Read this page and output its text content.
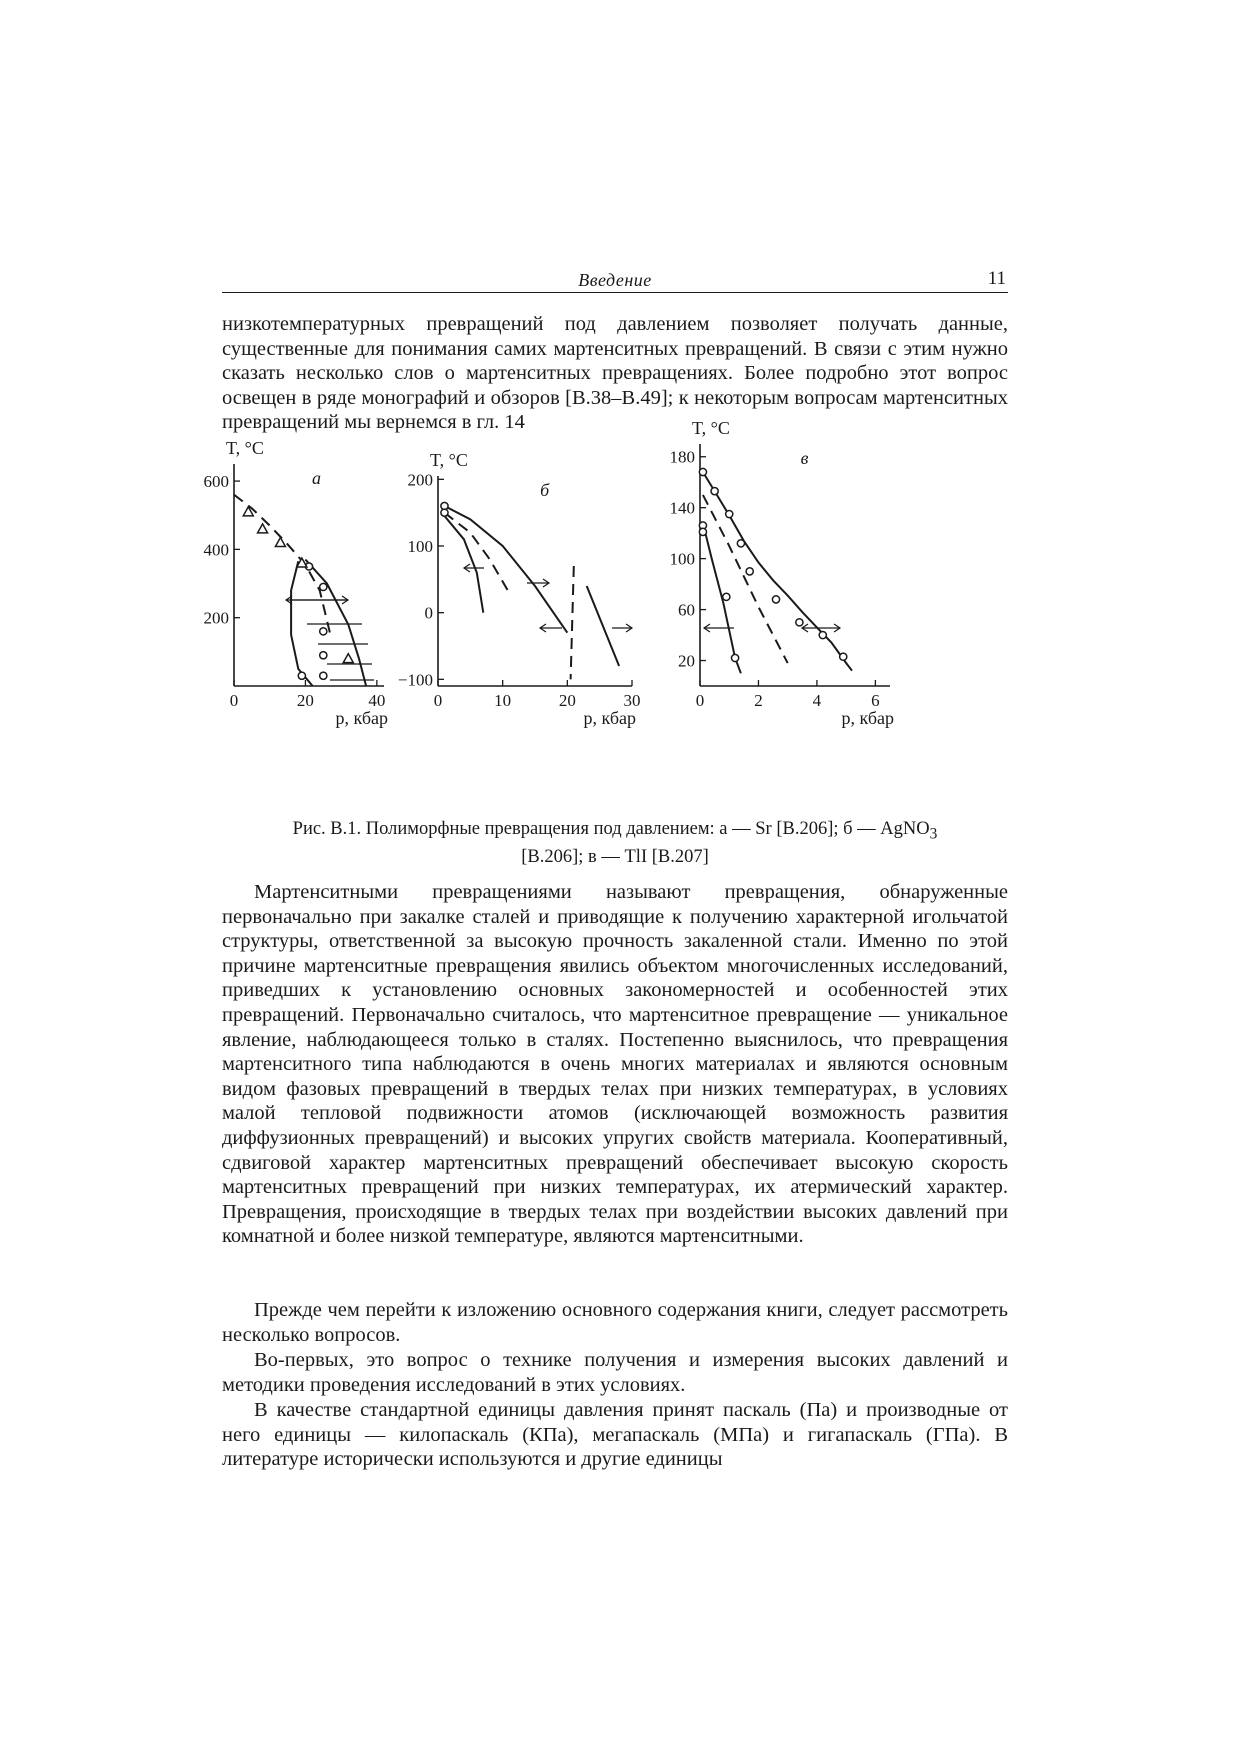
Введение	11

низкотемпературных превращений под давлением позволяет получать данные, существенные для понимания самих мартенситных превращений. В связи с этим нужно сказать несколько слов о мартенситных превращениях. Более подробно этот вопрос освещен в ряде монографий и обзоров [В.38–В.49]; к некоторым вопросам мартенситных превращений мы вернемся в гл. 14

0	20	40
200
400
600
T, °C
p, кбар
а
0	10	20	30
−100
0
100
200
T, °C
p, кбар
б
0	2	4	6
20
60
100
140
180
T, °C
p, кбар
в
Рис. В.1. Полиморфные превращения под давлением: а — Sr [В.206]; б — AgNO$_3$
[В.206]; в — TlI [В.207]

Мартенситными превращениями называют превращения, обнаруженные первоначально при закалке сталей и приводящие к получению характерной игольчатой структуры, ответственной за высокую прочность закаленной стали. Именно по этой причине мартенситные превращения явились объектом многочисленных исследований, приведших к установлению основных закономерностей и особенностей этих превращений. Первоначально считалось, что мартенситное превращение — уникальное явление, наблюдающееся только в сталях. Постепенно выяснилось, что превращения мартенситного типа наблюдаются в очень многих материалах и являются основным видом фазовых превращений в твердых телах при низких температурах, в условиях малой тепловой подвижности атомов (исключающей возможность развития диффузионных превращений) и высоких упругих свойств материала. Кооперативный, сдвиговой характер мартенситных превращений обеспечивает высокую скорость мартенситных превращений при низких температурах, их атермический характер. Превращения, происходящие в твердых телах при воздействии высоких давлений при комнатной и более низкой температуре, являются мартенситными.

Прежде чем перейти к изложению основного содержания книги, следует рассмотреть несколько вопросов.

Во-первых, это вопрос о технике получения и измерения высоких давлений и методики проведения исследований в этих условиях.

В качестве стандартной единицы давления принят паскаль (Па) и производные от него единицы — килопаскаль (КПа), мегапаскаль (МПа) и гигапаскаль (ГПа). В литературе исторически используются и другие единицы
